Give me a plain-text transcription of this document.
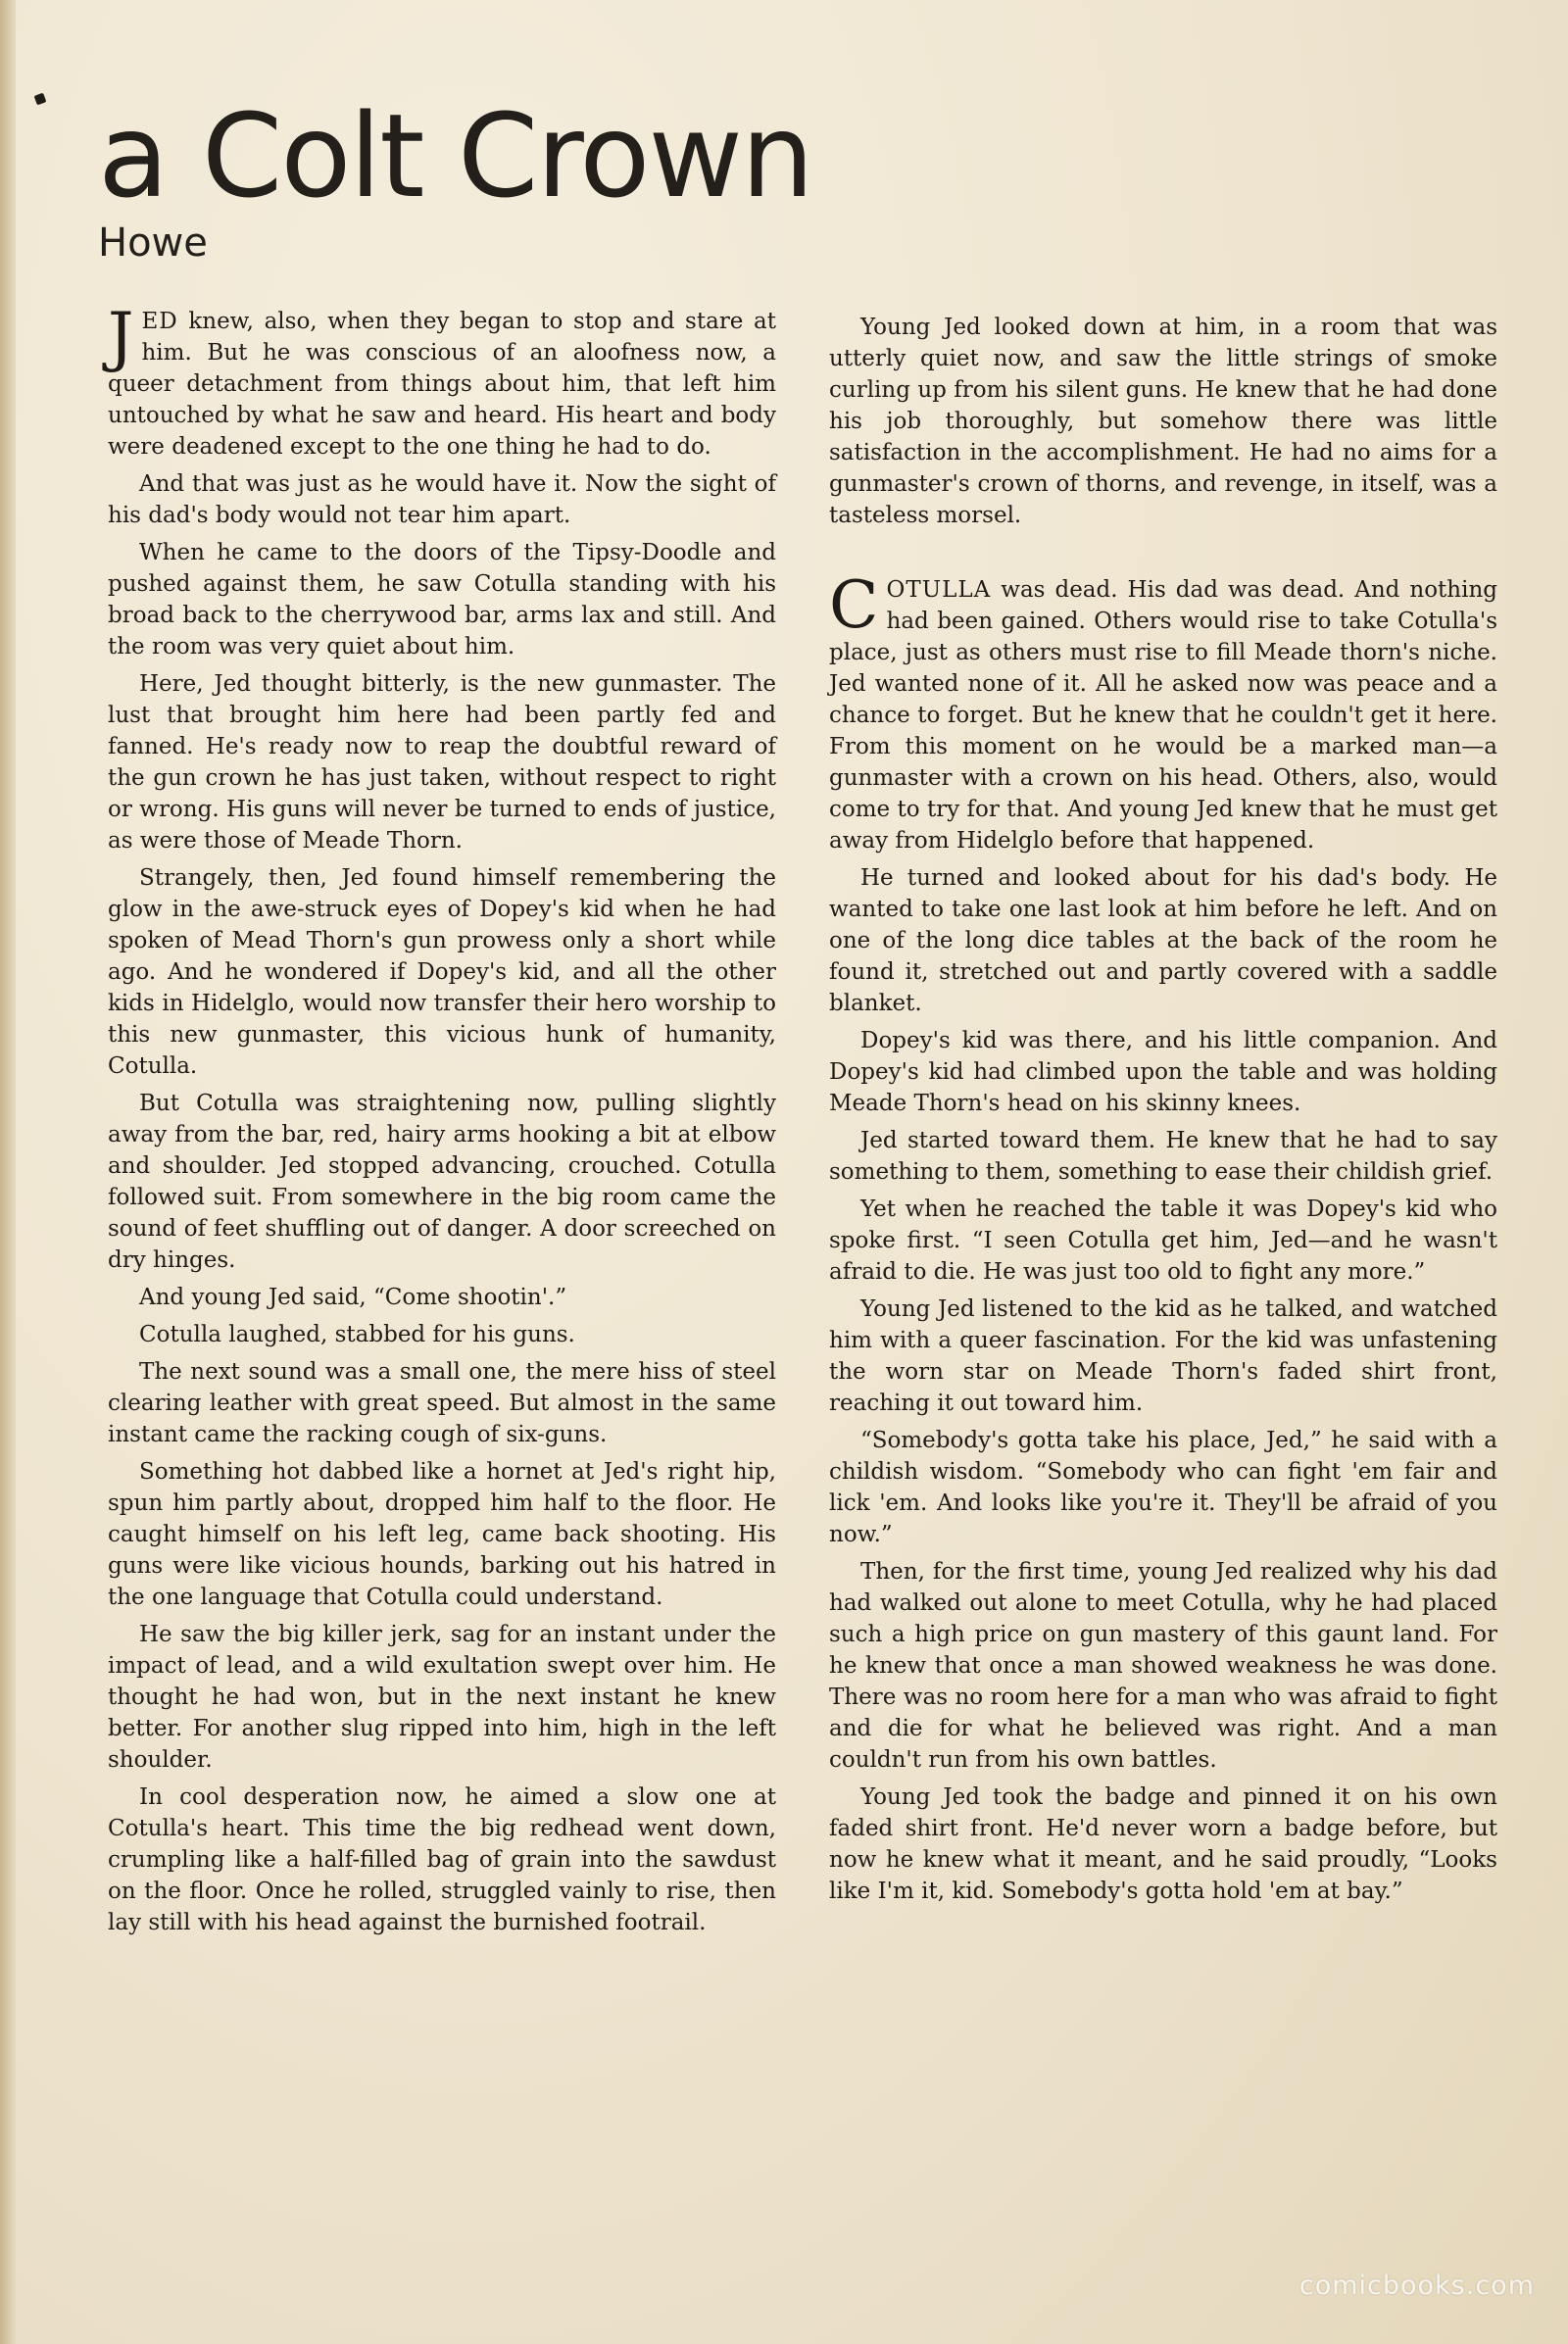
a Colt Crown
Howe

JED knew, also, when they began to stop and stare at him. But he was conscious of an aloofness now, a queer detachment from things about him, that left him untouched by what he saw and heard. His heart and body were deadened except to the one thing he had to do.

And that was just as he would have it. Now the sight of his dad's body would not tear him apart.

When he came to the doors of the Tipsy-Doodle and pushed against them, he saw Cotulla standing with his broad back to the cherrywood bar, arms lax and still. And the room was very quiet about him.

Here, Jed thought bitterly, is the new gunmaster. The lust that brought him here had been partly fed and fanned. He's ready now to reap the doubtful reward of the gun crown he has just taken, without respect to right or wrong. His guns will never be turned to ends of justice, as were those of Meade Thorn.

Strangely, then, Jed found himself remembering the glow in the awe-struck eyes of Dopey's kid when he had spoken of Mead Thorn's gun prowess only a short while ago. And he wondered if Dopey's kid, and all the other kids in Hidelglo, would now transfer their hero worship to this new gunmaster, this vicious hunk of humanity, Cotulla.

But Cotulla was straightening now, pulling slightly away from the bar, red, hairy arms hooking a bit at elbow and shoulder. Jed stopped advancing, crouched. Cotulla followed suit. From somewhere in the big room came the sound of feet shuffling out of danger. A door screeched on dry hinges.

And young Jed said, “Come shootin'.”

Cotulla laughed, stabbed for his guns.

The next sound was a small one, the mere hiss of steel clearing leather with great speed. But almost in the same instant came the racking cough of six-guns.

Something hot dabbed like a hornet at Jed's right hip, spun him partly about, dropped him half to the floor. He caught himself on his left leg, came back shooting. His guns were like vicious hounds, barking out his hatred in the one language that Cotulla could understand.

He saw the big killer jerk, sag for an instant under the impact of lead, and a wild exultation swept over him. He thought he had won, but in the next instant he knew better. For another slug ripped into him, high in the left shoulder.

In cool desperation now, he aimed a slow one at Cotulla's heart. This time the big redhead went down, crumpling like a half-filled bag of grain into the sawdust on the floor. Once he rolled, struggled vainly to rise, then lay still with his head against the burnished footrail.

Young Jed looked down at him, in a room that was utterly quiet now, and saw the little strings of smoke curling up from his silent guns. He knew that he had done his job thoroughly, but somehow there was little satisfaction in the accomplishment. He had no aims for a gunmaster's crown of thorns, and revenge, in itself, was a tasteless morsel.

COTULLA was dead. His dad was dead. And nothing had been gained. Others would rise to take Cotulla's place, just as others must rise to fill Meade thorn's niche. Jed wanted none of it. All he asked now was peace and a chance to forget. But he knew that he couldn't get it here. From this moment on he would be a marked man—a gunmaster with a crown on his head. Others, also, would come to try for that. And young Jed knew that he must get away from Hidelglo before that happened.

He turned and looked about for his dad's body. He wanted to take one last look at him before he left. And on one of the long dice tables at the back of the room he found it, stretched out and partly covered with a saddle blanket.

Dopey's kid was there, and his little companion. And Dopey's kid had climbed upon the table and was holding Meade Thorn's head on his skinny knees.

Jed started toward them. He knew that he had to say something to them, something to ease their childish grief.

Yet when he reached the table it was Dopey's kid who spoke first. “I seen Cotulla get him, Jed—and he wasn't afraid to die. He was just too old to fight any more.”

Young Jed listened to the kid as he talked, and watched him with a queer fascination. For the kid was unfastening the worn star on Meade Thorn's faded shirt front, reaching it out toward him.

“Somebody's gotta take his place, Jed,” he said with a childish wisdom. “Somebody who can fight 'em fair and lick 'em. And looks like you're it. They'll be afraid of you now.”

Then, for the first time, young Jed realized why his dad had walked out alone to meet Cotulla, why he had placed such a high price on gun mastery of this gaunt land. For he knew that once a man showed weakness he was done. There was no room here for a man who was afraid to fight and die for what he believed was right. And a man couldn't run from his own battles.

Young Jed took the badge and pinned it on his own faded shirt front. He'd never worn a badge before, but now he knew what it meant, and he said proudly, “Looks like I'm it, kid. Somebody's gotta hold 'em at bay.”

comicbooks.com
